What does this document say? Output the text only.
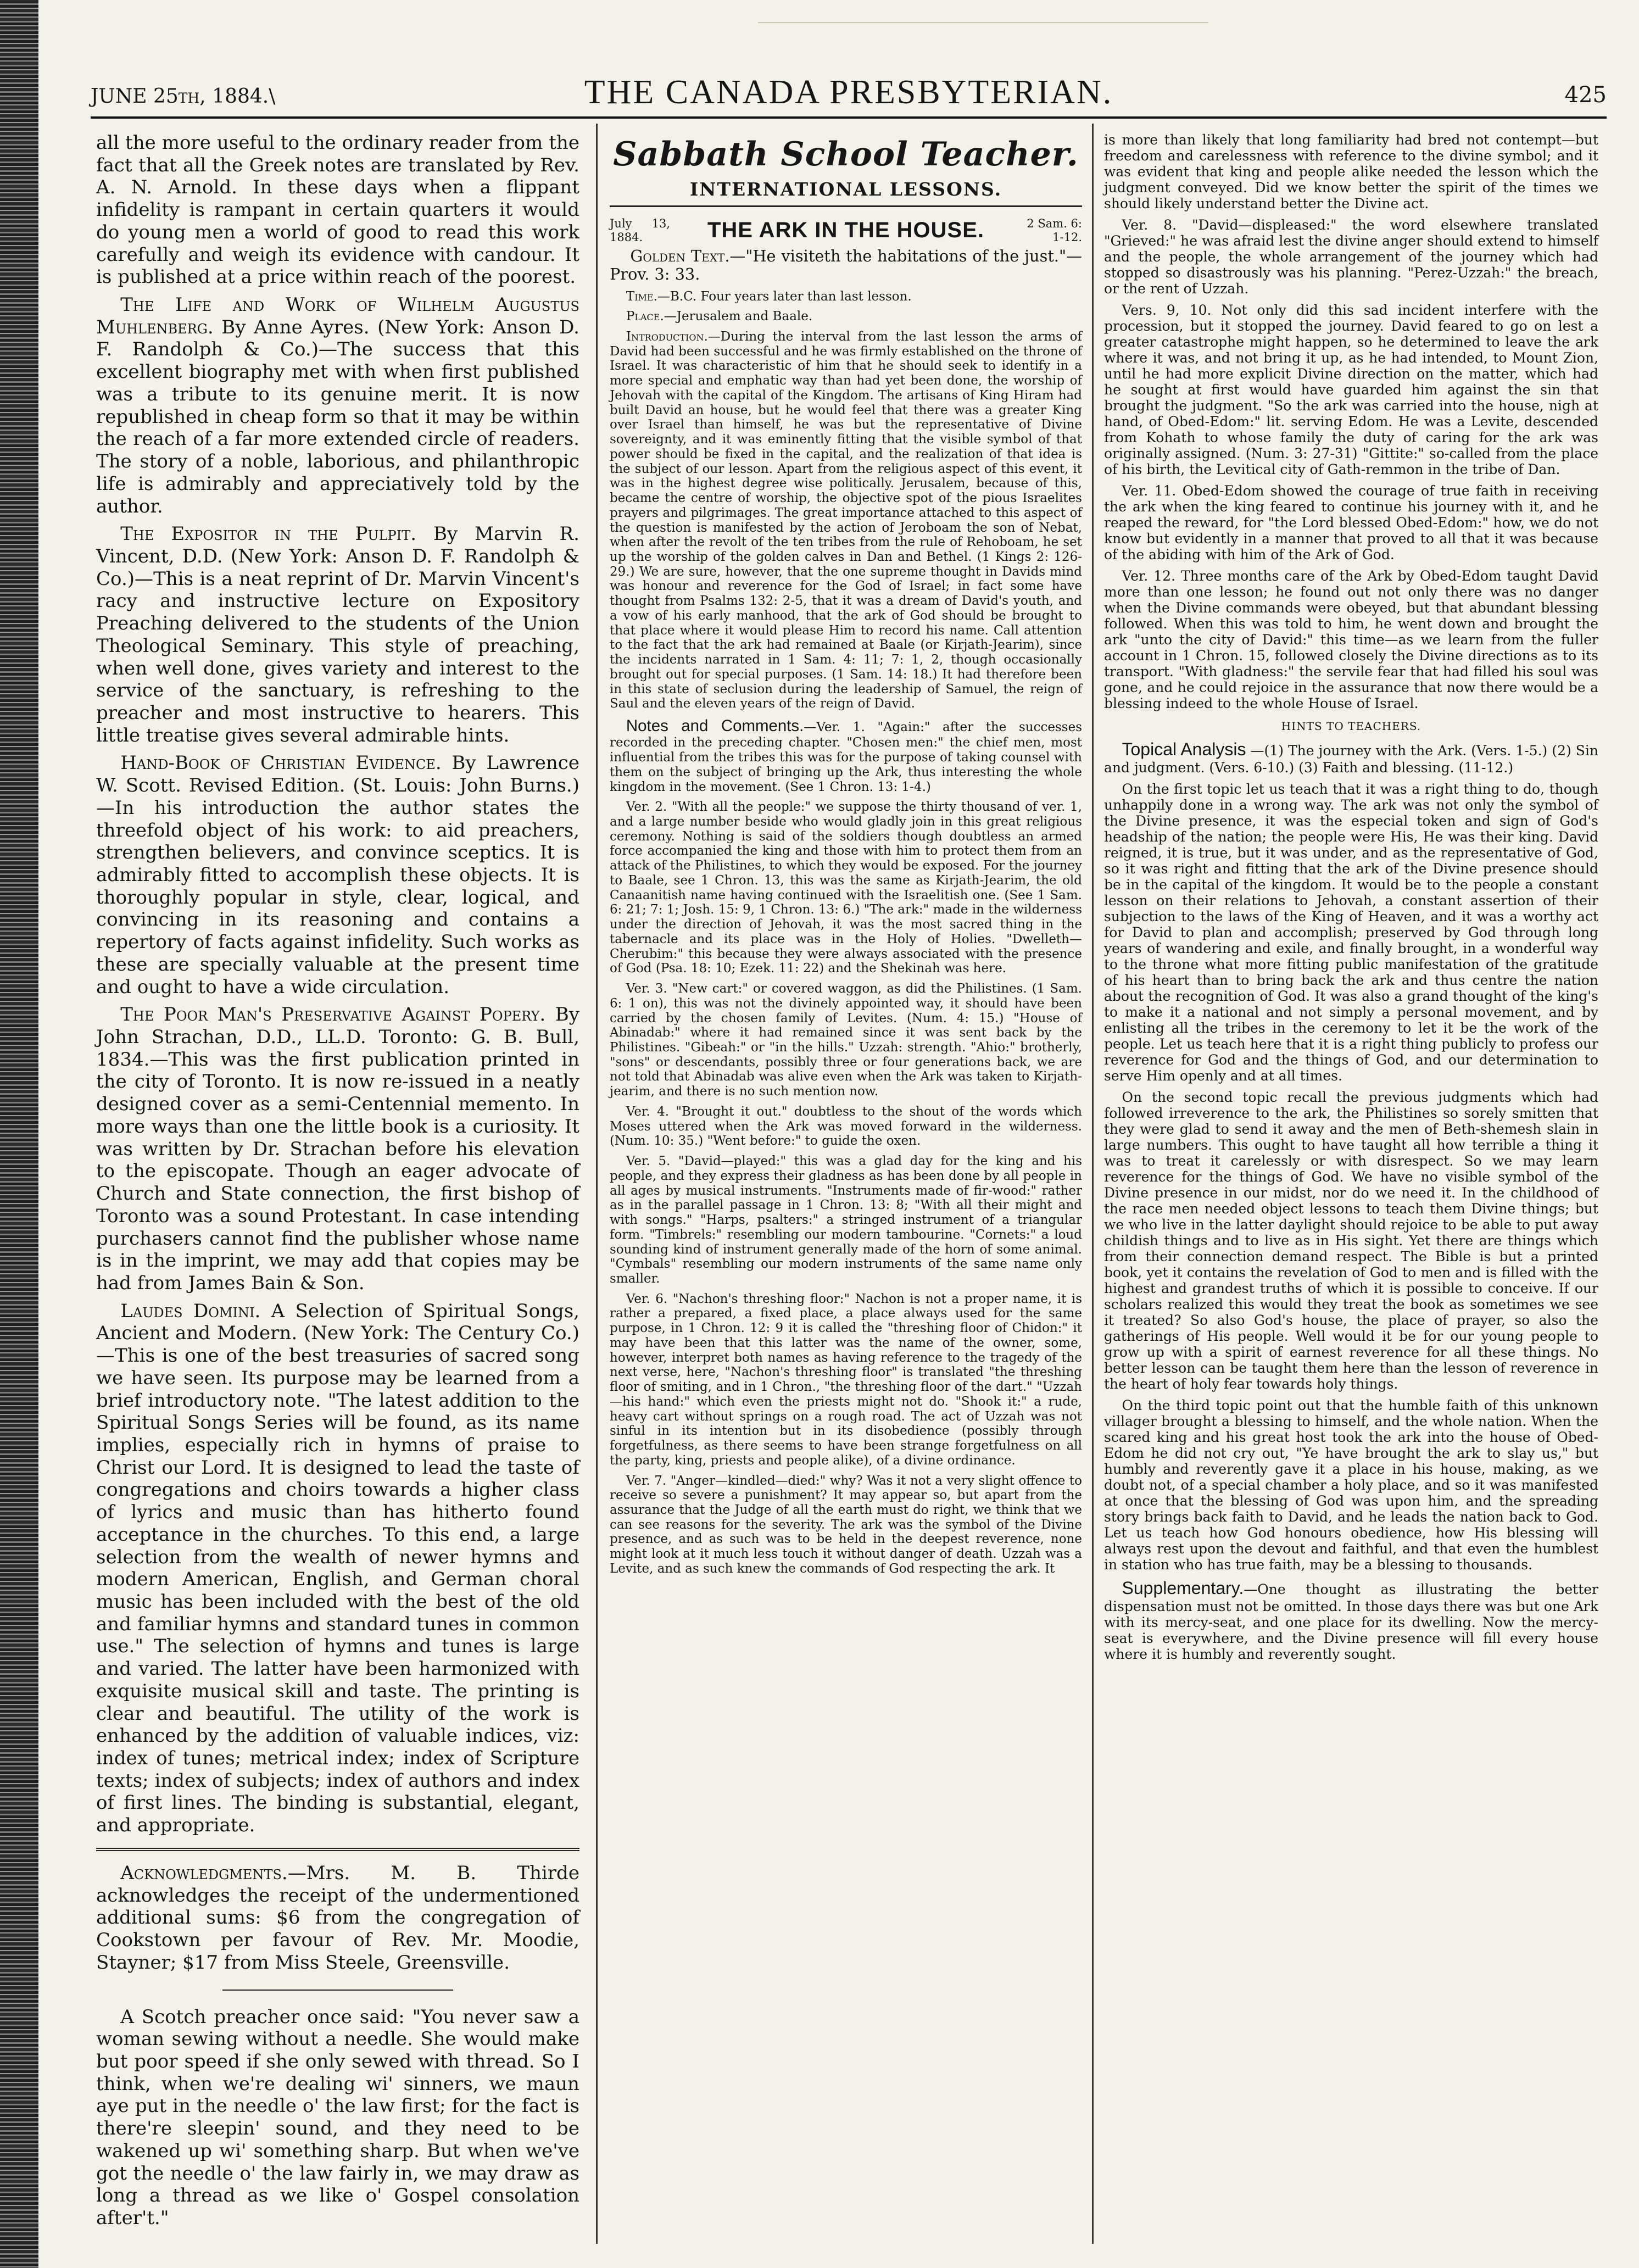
JUNE 25th, 1884.\	THE CANADA PRESBYTERIAN.	425

all the more useful to the ordinary reader from the fact that all the Greek notes are translated by Rev. A. N. Arnold. In these days when a flippant infidelity is rampant in certain quarters it would do young men a world of good to read this work carefully and weigh its evidence with candour. It is published at a price within reach of the poorest.

The Life and Work of Wilhelm Augustus Muhlenberg. By Anne Ayres. (New York: Anson D. F. Randolph & Co.)—The success that this excellent biography met with when first published was a tribute to its genuine merit. It is now republished in cheap form so that it may be within the reach of a far more extended circle of readers. The story of a noble, laborious, and philanthropic life is admirably and appreciatively told by the author.

The Expositor in the Pulpit. By Marvin R. Vincent, D.D. (New York: Anson D. F. Randolph & Co.)—This is a neat reprint of Dr. Marvin Vincent's racy and instructive lecture on Expository Preaching delivered to the students of the Union Theological Seminary. This style of preaching, when well done, gives variety and interest to the service of the sanctuary, is refreshing to the preacher and most instructive to hearers. This little treatise gives several admirable hints.

Hand-Book of Christian Evidence. By Lawrence W. Scott. Revised Edition. (St. Louis: John Burns.)—In his introduction the author states the threefold object of his work: to aid preachers, strengthen believers, and convince sceptics. It is admirably fitted to accomplish these objects. It is thoroughly popular in style, clear, logical, and convincing in its reasoning and contains a repertory of facts against infidelity. Such works as these are specially valuable at the present time and ought to have a wide circulation.

The Poor Man's Preservative Against Popery. By John Strachan, D.D., LL.D. Toronto: G. B. Bull, 1834.—This was the first publication printed in the city of Toronto. It is now re-issued in a neatly designed cover as a semi-Centennial memento. In more ways than one the little book is a curiosity. It was written by Dr. Strachan before his elevation to the episcopate. Though an eager advocate of Church and State connection, the first bishop of Toronto was a sound Protestant. In case intending purchasers cannot find the publisher whose name is in the imprint, we may add that copies may be had from James Bain & Son.

Laudes Domini. A Selection of Spiritual Songs, Ancient and Modern. (New York: The Century Co.)—This is one of the best treasuries of sacred song we have seen. Its purpose may be learned from a brief introductory note. "The latest addition to the Spiritual Songs Series will be found, as its name implies, especially rich in hymns of praise to Christ our Lord. It is designed to lead the taste of congregations and choirs towards a higher class of lyrics and music than has hitherto found acceptance in the churches. To this end, a large selection from the wealth of newer hymns and modern American, English, and German choral music has been included with the best of the old and familiar hymns and standard tunes in common use." The selection of hymns and tunes is large and varied. The latter have been harmonized with exquisite musical skill and taste. The printing is clear and beautiful. The utility of the work is enhanced by the addition of valuable indices, viz: index of tunes; metrical index; index of Scripture texts; index of subjects; index of authors and index of first lines. The binding is substantial, elegant, and appropriate.

Acknowledgments.—Mrs. M. B. Thirde acknowledges the receipt of the undermentioned additional sums: $6 from the congregation of Cookstown per favour of Rev. Mr. Moodie, Stayner; $17 from Miss Steele, Greensville.

A Scotch preacher once said: "You never saw a woman sewing without a needle. She would make but poor speed if she only sewed with thread. So I think, when we're dealing wi' sinners, we maun aye put in the needle o' the law first; for the fact is there're sleepin' sound, and they need to be wakened up wi' something sharp. But when we've got the needle o' the law fairly in, we may draw as long a thread as we like o' Gospel consolation after't."

Sabbath School Teacher.
INTERNATIONAL LESSONS.
July 13, 1884.	THE ARK IN THE HOUSE.	2 Sam. 6: 1-12.

Golden Text.—"He visiteth the habitations of the just."—Prov. 3: 33.

Time.—B.C. Four years later than last lesson.

Place.—Jerusalem and Baale.

Introduction.—During the interval from the last lesson the arms of David had been successful and he was firmly established on the throne of Israel. It was characteristic of him that he should seek to identify in a more special and emphatic way than had yet been done, the worship of Jehovah with the capital of the Kingdom. The artisans of King Hiram had built David an house, but he would feel that there was a greater King over Israel than himself, he was but the representative of Divine sovereignty, and it was eminently fitting that the visible symbol of that power should be fixed in the capital, and the realization of that idea is the subject of our lesson. Apart from the religious aspect of this event, it was in the highest degree wise politically. Jerusalem, because of this, became the centre of worship, the objective spot of the pious Israelites prayers and pilgrimages. The great importance attached to this aspect of the question is manifested by the action of Jeroboam the son of Nebat, when after the revolt of the ten tribes from the rule of Rehoboam, he set up the worship of the golden calves in Dan and Bethel. (1 Kings 2: 126-29.) We are sure, however, that the one supreme thought in Davids mind was honour and reverence for the God of Israel; in fact some have thought from Psalms 132: 2-5, that it was a dream of David's youth, and a vow of his early manhood, that the ark of God should be brought to that place where it would please Him to record his name. Call attention to the fact that the ark had remained at Baale (or Kirjath-Jearim), since the incidents narrated in 1 Sam. 4: 11; 7: 1, 2, though occasionally brought out for special purposes. (1 Sam. 14: 18.) It had therefore been in this state of seclusion during the leadership of Samuel, the reign of Saul and the eleven years of the reign of David.

Notes and Comments.—Ver. 1. "Again:" after the successes recorded in the preceding chapter. "Chosen men:" the chief men, most influential from the tribes this was for the purpose of taking counsel with them on the subject of bringing up the Ark, thus interesting the whole kingdom in the movement. (See 1 Chron. 13: 1-4.)

Ver. 2. "With all the people:" we suppose the thirty thousand of ver. 1, and a large number beside who would gladly join in this great religious ceremony. Nothing is said of the soldiers though doubtless an armed force accompanied the king and those with him to protect them from an attack of the Philistines, to which they would be exposed. For the journey to Baale, see 1 Chron. 13, this was the same as Kirjath-Jearim, the old Canaanitish name having continued with the Israelitish one. (See 1 Sam. 6: 21; 7: 1; Josh. 15: 9, 1 Chron. 13: 6.) "The ark:" made in the wilderness under the direction of Jehovah, it was the most sacred thing in the tabernacle and its place was in the Holy of Holies. "Dwelleth—Cherubim:" this because they were always associated with the presence of God (Psa. 18: 10; Ezek. 11: 22) and the Shekinah was here.

Ver. 3. "New cart:" or covered waggon, as did the Philistines. (1 Sam. 6: 1 on), this was not the divinely appointed way, it should have been carried by the chosen family of Levites. (Num. 4: 15.) "House of Abinadab:" where it had remained since it was sent back by the Philistines. "Gibeah:" or "in the hills." Uzzah: strength. "Ahio:" brotherly, "sons" or descendants, possibly three or four generations back, we are not told that Abinadab was alive even when the Ark was taken to Kirjath-jearim, and there is no such mention now.

Ver. 4. "Brought it out." doubtless to the shout of the words which Moses uttered when the Ark was moved forward in the wilderness. (Num. 10: 35.) "Went before:" to guide the oxen.

Ver. 5. "David—played:" this was a glad day for the king and his people, and they express their gladness as has been done by all people in all ages by musical instruments. "Instruments made of fir-wood:" rather as in the parallel passage in 1 Chron. 13: 8; "With all their might and with songs." "Harps, psalters:" a stringed instrument of a triangular form. "Timbrels:" resembling our modern tambourine. "Cornets:" a loud sounding kind of instrument generally made of the horn of some animal. "Cymbals" resembling our modern instruments of the same name only smaller.

Ver. 6. "Nachon's threshing floor:" Nachon is not a proper name, it is rather a prepared, a fixed place, a place always used for the same purpose, in 1 Chron. 12: 9 it is called the "threshing floor of Chidon:" it may have been that this latter was the name of the owner, some, however, interpret both names as having reference to the tragedy of the next verse, here, "Nachon's threshing floor" is translated "the threshing floor of smiting, and in 1 Chron., "the threshing floor of the dart." "Uzzah—his hand:" which even the priests might not do. "Shook it:" a rude, heavy cart without springs on a rough road. The act of Uzzah was not sinful in its intention but in its disobedience (possibly through forgetfulness, as there seems to have been strange forgetfulness on all the party, king, priests and people alike), of a divine ordinance.

Ver. 7. "Anger—kindled—died:" why? Was it not a very slight offence to receive so severe a punishment? It may appear so, but apart from the assurance that the Judge of all the earth must do right, we think that we can see reasons for the severity. The ark was the symbol of the Divine presence, and as such was to be held in the deepest reverence, none might look at it much less touch it without danger of death. Uzzah was a Levite, and as such knew the commands of God respecting the ark. It

is more than likely that long familiarity had bred not contempt—but freedom and carelessness with reference to the divine symbol; and it was evident that king and people alike needed the lesson which the judgment conveyed. Did we know better the spirit of the times we should likely understand better the Divine act.

Ver. 8. "David—displeased:" the word elsewhere translated "Grieved:" he was afraid lest the divine anger should extend to himself and the people, the whole arrangement of the journey which had stopped so disastrously was his planning. "Perez-Uzzah:" the breach, or the rent of Uzzah.

Vers. 9, 10. Not only did this sad incident interfere with the procession, but it stopped the journey. David feared to go on lest a greater catastrophe might happen, so he determined to leave the ark where it was, and not bring it up, as he had intended, to Mount Zion, until he had more explicit Divine direction on the matter, which had he sought at first would have guarded him against the sin that brought the judgment. "So the ark was carried into the house, nigh at hand, of Obed-Edom:" lit. serving Edom. He was a Levite, descended from Kohath to whose family the duty of caring for the ark was originally assigned. (Num. 3: 27-31) "Gittite:" so-called from the place of his birth, the Levitical city of Gath-remmon in the tribe of Dan.

Ver. 11. Obed-Edom showed the courage of true faith in receiving the ark when the king feared to continue his journey with it, and he reaped the reward, for "the Lord blessed Obed-Edom:" how, we do not know but evidently in a manner that proved to all that it was because of the abiding with him of the Ark of God.

Ver. 12. Three months care of the Ark by Obed-Edom taught David more than one lesson; he found out not only there was no danger when the Divine commands were obeyed, but that abundant blessing followed. When this was told to him, he went down and brought the ark "unto the city of David:" this time—as we learn from the fuller account in 1 Chron. 15, followed closely the Divine directions as to its transport. "With gladness:" the servile fear that had filled his soul was gone, and he could rejoice in the assurance that now there would be a blessing indeed to the whole House of Israel.

HINTS TO TEACHERS.

Topical Analysis —(1) The journey with the Ark. (Vers. 1-5.) (2) Sin and judgment. (Vers. 6-10.) (3) Faith and blessing. (11-12.)

On the first topic let us teach that it was a right thing to do, though unhappily done in a wrong way. The ark was not only the symbol of the Divine presence, it was the especial token and sign of God's headship of the nation; the people were His, He was their king. David reigned, it is true, but it was under, and as the representative of God, so it was right and fitting that the ark of the Divine presence should be in the capital of the kingdom. It would be to the people a constant lesson on their relations to Jehovah, a constant assertion of their subjection to the laws of the King of Heaven, and it was a worthy act for David to plan and accomplish; preserved by God through long years of wandering and exile, and finally brought, in a wonderful way to the throne what more fitting public manifestation of the gratitude of his heart than to bring back the ark and thus centre the nation about the recognition of God. It was also a grand thought of the king's to make it a national and not simply a personal movement, and by enlisting all the tribes in the ceremony to let it be the work of the people. Let us teach here that it is a right thing publicly to profess our reverence for God and the things of God, and our determination to serve Him openly and at all times.

On the second topic recall the previous judgments which had followed irreverence to the ark, the Philistines so sorely smitten that they were glad to send it away and the men of Beth-shemesh slain in large numbers. This ought to have taught all how terrible a thing it was to treat it carelessly or with disrespect. So we may learn reverence for the things of God. We have no visible symbol of the Divine presence in our midst, nor do we need it. In the childhood of the race men needed object lessons to teach them Divine things; but we who live in the latter daylight should rejoice to be able to put away childish things and to live as in His sight. Yet there are things which from their connection demand respect. The Bible is but a printed book, yet it contains the revelation of God to men and is filled with the highest and grandest truths of which it is possible to conceive. If our scholars realized this would they treat the book as sometimes we see it treated? So also God's house, the place of prayer, so also the gatherings of His people. Well would it be for our young people to grow up with a spirit of earnest reverence for all these things. No better lesson can be taught them here than the lesson of reverence in the heart of holy fear towards holy things.

On the third topic point out that the humble faith of this unknown villager brought a blessing to himself, and the whole nation. When the scared king and his great host took the ark into the house of Obed-Edom he did not cry out, "Ye have brought the ark to slay us," but humbly and reverently gave it a place in his house, making, as we doubt not, of a special chamber a holy place, and so it was manifested at once that the blessing of God was upon him, and the spreading story brings back faith to David, and he leads the nation back to God. Let us teach how God honours obedience, how His blessing will always rest upon the devout and faithful, and that even the humblest in station who has true faith, may be a blessing to thousands.

Supplementary.—One thought as illustrating the better dispensation must not be omitted. In those days there was but one Ark with its mercy-seat, and one place for its dwelling. Now the mercy-seat is everywhere, and the Divine presence will fill every house where it is humbly and reverently sought.
